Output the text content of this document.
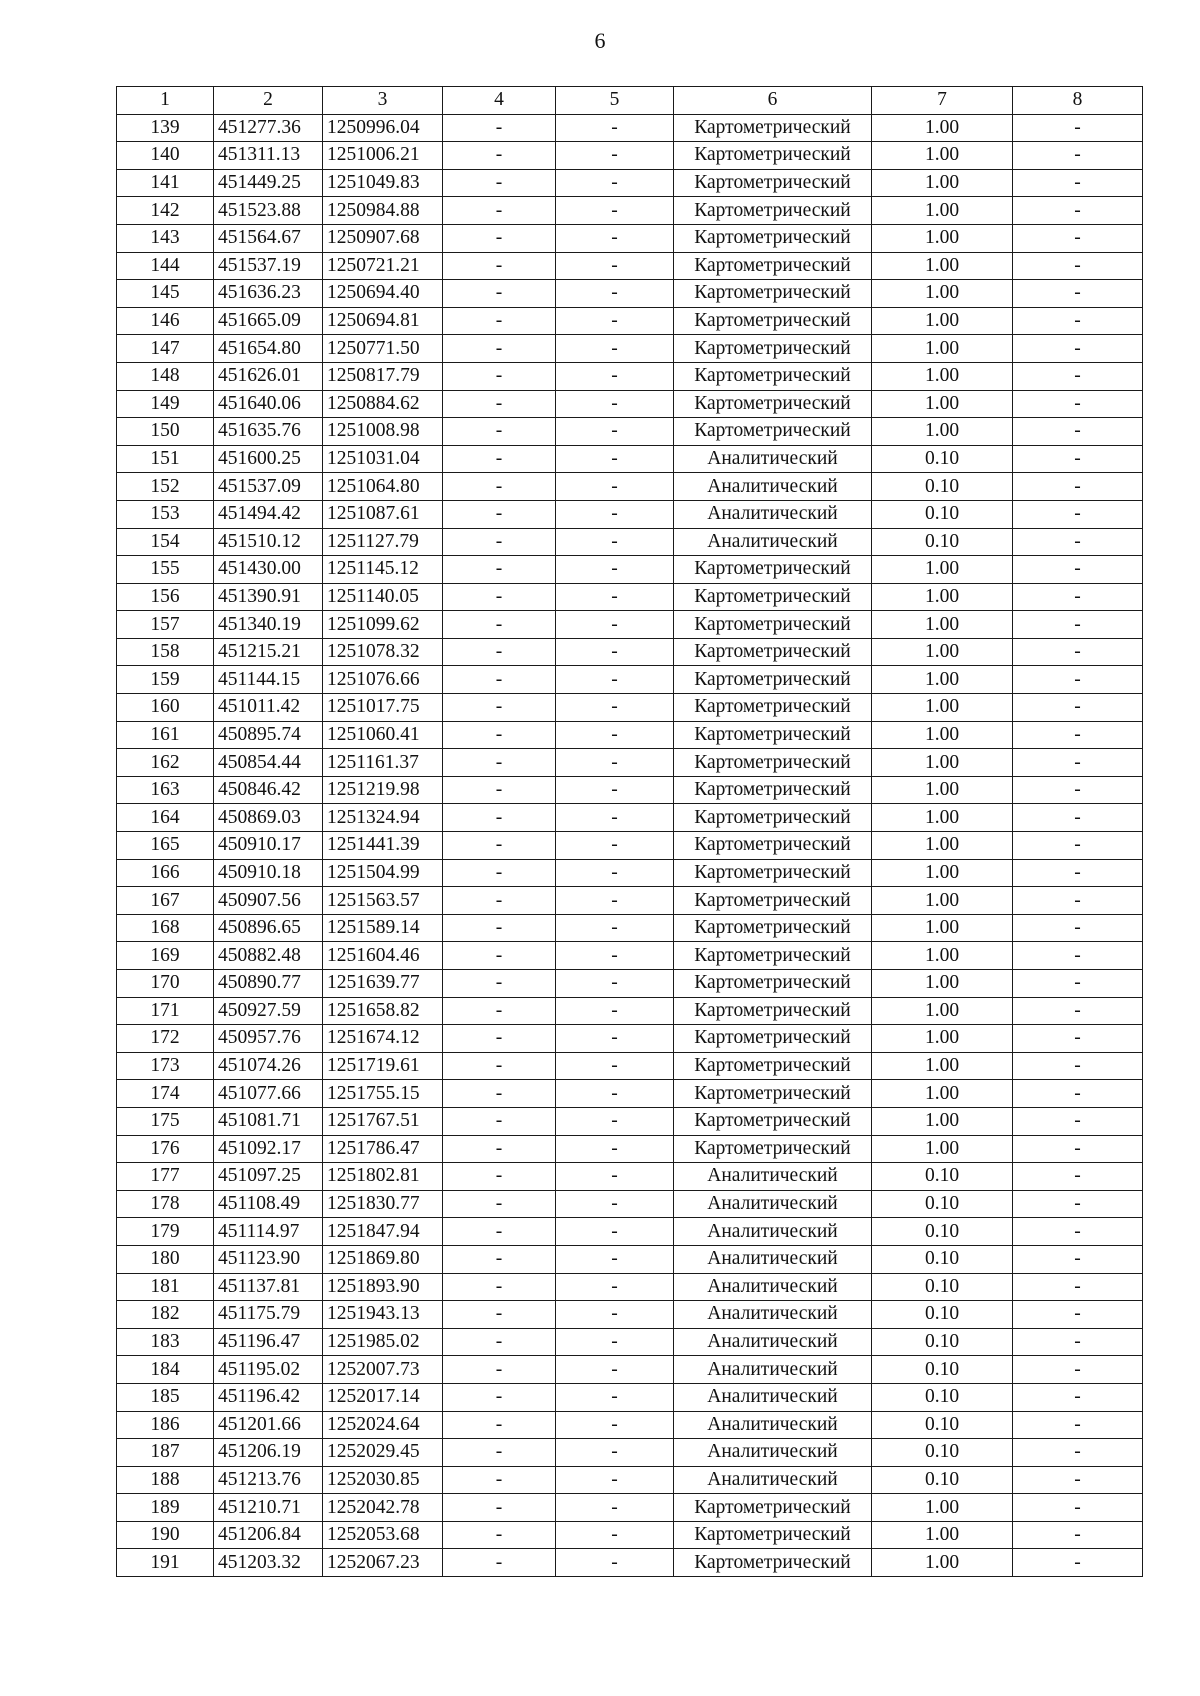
6
1	2	3	4	5	6	7	8
139	451277.36	1250996.04	-	-	Картометрический	1.00	-
140	451311.13	1251006.21	-	-	Картометрический	1.00	-
141	451449.25	1251049.83	-	-	Картометрический	1.00	-
142	451523.88	1250984.88	-	-	Картометрический	1.00	-
143	451564.67	1250907.68	-	-	Картометрический	1.00	-
144	451537.19	1250721.21	-	-	Картометрический	1.00	-
145	451636.23	1250694.40	-	-	Картометрический	1.00	-
146	451665.09	1250694.81	-	-	Картометрический	1.00	-
147	451654.80	1250771.50	-	-	Картометрический	1.00	-
148	451626.01	1250817.79	-	-	Картометрический	1.00	-
149	451640.06	1250884.62	-	-	Картометрический	1.00	-
150	451635.76	1251008.98	-	-	Картометрический	1.00	-
151	451600.25	1251031.04	-	-	Аналитический	0.10	-
152	451537.09	1251064.80	-	-	Аналитический	0.10	-
153	451494.42	1251087.61	-	-	Аналитический	0.10	-
154	451510.12	1251127.79	-	-	Аналитический	0.10	-
155	451430.00	1251145.12	-	-	Картометрический	1.00	-
156	451390.91	1251140.05	-	-	Картометрический	1.00	-
157	451340.19	1251099.62	-	-	Картометрический	1.00	-
158	451215.21	1251078.32	-	-	Картометрический	1.00	-
159	451144.15	1251076.66	-	-	Картометрический	1.00	-
160	451011.42	1251017.75	-	-	Картометрический	1.00	-
161	450895.74	1251060.41	-	-	Картометрический	1.00	-
162	450854.44	1251161.37	-	-	Картометрический	1.00	-
163	450846.42	1251219.98	-	-	Картометрический	1.00	-
164	450869.03	1251324.94	-	-	Картометрический	1.00	-
165	450910.17	1251441.39	-	-	Картометрический	1.00	-
166	450910.18	1251504.99	-	-	Картометрический	1.00	-
167	450907.56	1251563.57	-	-	Картометрический	1.00	-
168	450896.65	1251589.14	-	-	Картометрический	1.00	-
169	450882.48	1251604.46	-	-	Картометрический	1.00	-
170	450890.77	1251639.77	-	-	Картометрический	1.00	-
171	450927.59	1251658.82	-	-	Картометрический	1.00	-
172	450957.76	1251674.12	-	-	Картометрический	1.00	-
173	451074.26	1251719.61	-	-	Картометрический	1.00	-
174	451077.66	1251755.15	-	-	Картометрический	1.00	-
175	451081.71	1251767.51	-	-	Картометрический	1.00	-
176	451092.17	1251786.47	-	-	Картометрический	1.00	-
177	451097.25	1251802.81	-	-	Аналитический	0.10	-
178	451108.49	1251830.77	-	-	Аналитический	0.10	-
179	451114.97	1251847.94	-	-	Аналитический	0.10	-
180	451123.90	1251869.80	-	-	Аналитический	0.10	-
181	451137.81	1251893.90	-	-	Аналитический	0.10	-
182	451175.79	1251943.13	-	-	Аналитический	0.10	-
183	451196.47	1251985.02	-	-	Аналитический	0.10	-
184	451195.02	1252007.73	-	-	Аналитический	0.10	-
185	451196.42	1252017.14	-	-	Аналитический	0.10	-
186	451201.66	1252024.64	-	-	Аналитический	0.10	-
187	451206.19	1252029.45	-	-	Аналитический	0.10	-
188	451213.76	1252030.85	-	-	Аналитический	0.10	-
189	451210.71	1252042.78	-	-	Картометрический	1.00	-
190	451206.84	1252053.68	-	-	Картометрический	1.00	-
191	451203.32	1252067.23	-	-	Картометрический	1.00	-
